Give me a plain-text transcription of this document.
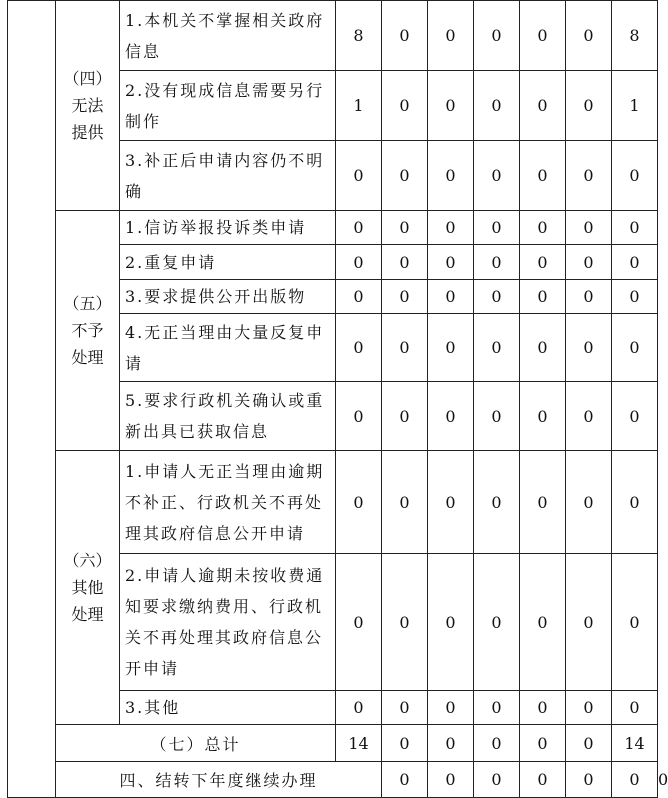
	（四）
无法
提供	1.本机关不掌握相关政府信息	8	0	0	0	0	0	8	
		2.没有现成信息需要另行制作	1	0	0	0	0	0	1	
		3.补正后申请内容仍不明确	0	0	0	0	0	0	0	

	（五）
不予
处理	1.信访举报投诉类申请	0	0	0	0	0	0	0	
		2.重复申请	0	0	0	0	0	0	0	
		3.要求提供公开出版物	0	0	0	0	0	0	0	
		4.无正当理由大量反复申请	0	0	0	0	0	0	0	
		5.要求行政机关确认或重新出具已获取信息	0	0	0	0	0	0	0	

	（六）
其他
处理	1.申请人无正当理由逾期不补正、行政机关不再处理其政府信息公开申请	0	0	0	0	0	0	0	
		2.申请人逾期未按收费通知要求缴纳费用、行政机关不再处理其政府信息公开申请	0	0	0	0	0	0	0	
		3.其他	0	0	0	0	0	0	0	
	（七）总计		14	0	0	0	0	0	14	
	四、结转下年度继续办理			0	0	0	0	0	0	0
